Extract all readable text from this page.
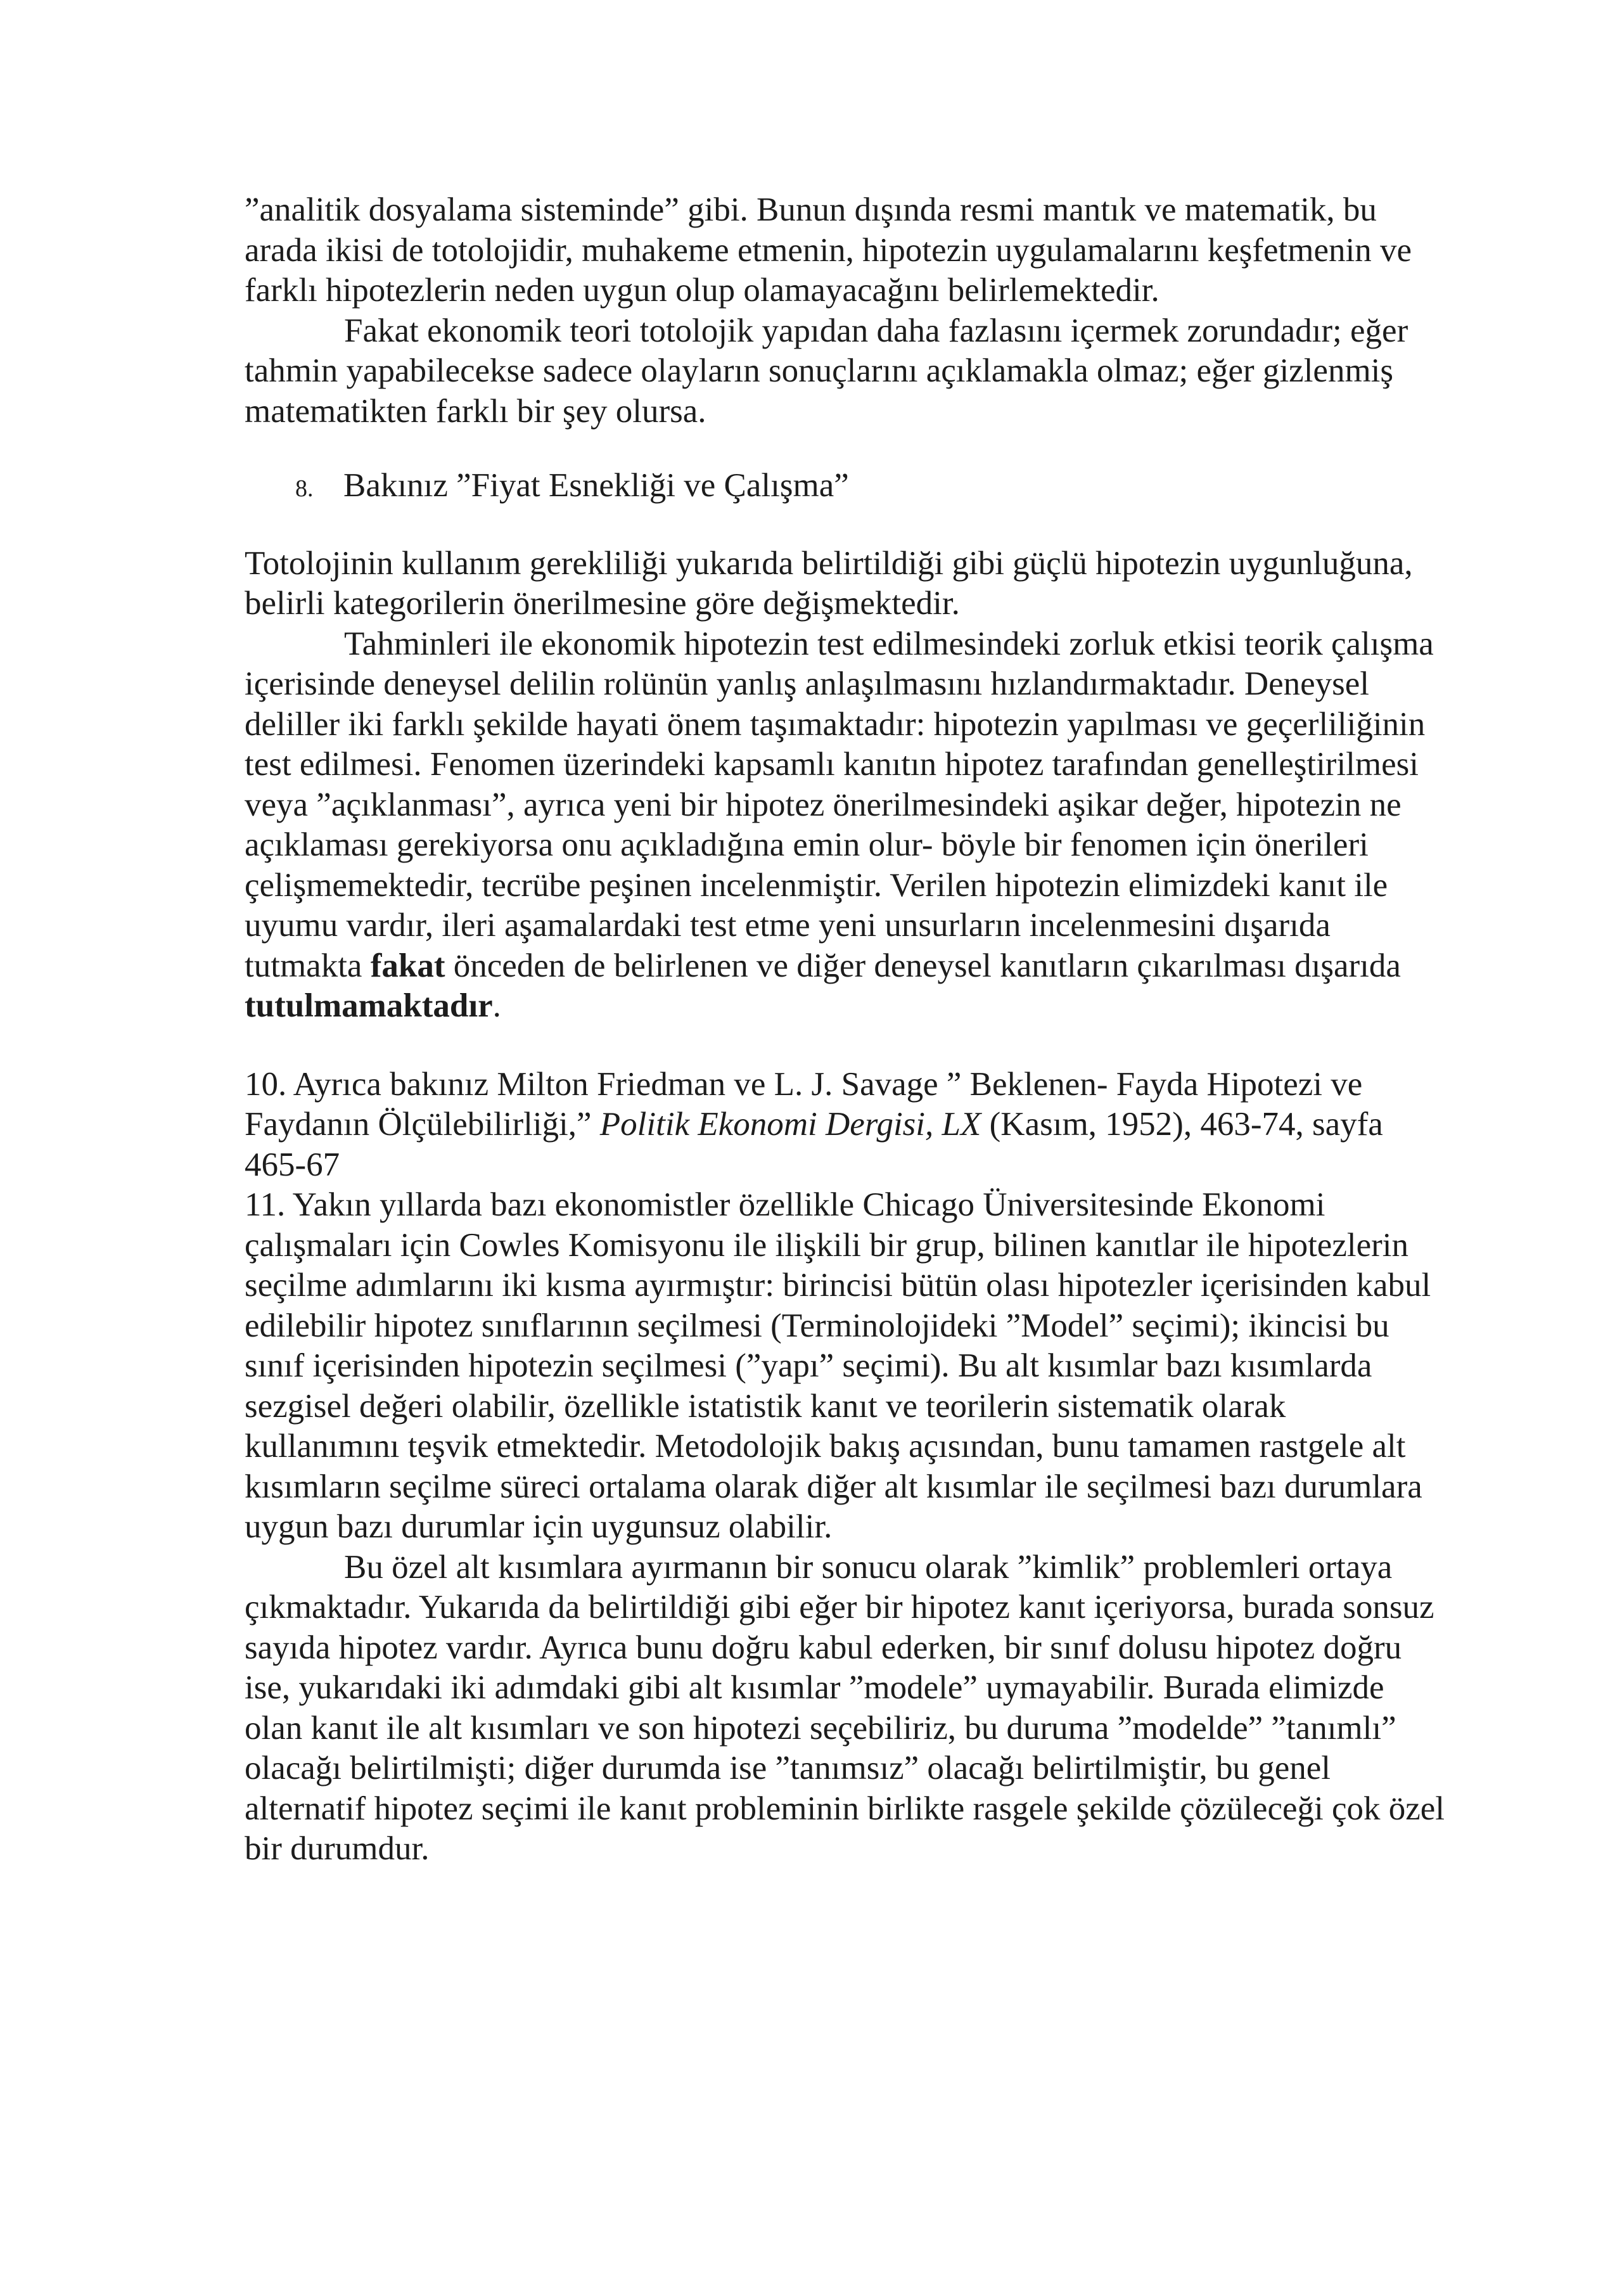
”analitik dosyalama sisteminde” gibi. Bunun dışında resmi mantık ve matematik, bu arada ikisi de totolojidir, muhakeme etmenin, hipotezin uygulamalarını keşfetmenin ve farklı hipotezlerin neden uygun olup olamayacağını belirlemektedir.

Fakat ekonomik teori totolojik yapıdan daha fazlasını içermek zorundadır; eğer tahmin yapabilecekse sadece olayların sonuçlarını açıklamakla olmaz; eğer gizlenmiş matematikten farklı bir şey olursa.

8. Bakınız ”Fiyat Esnekliği ve Çalışma”

Totolojinin kullanım gerekliliği yukarıda belirtildiği gibi güçlü hipotezin uygunluğuna, belirli kategorilerin önerilmesine göre değişmektedir.

Tahminleri ile ekonomik hipotezin test edilmesindeki zorluk etkisi teorik çalışma içerisinde deneysel delilin rolünün yanlış anlaşılmasını hızlandırmaktadır. Deneysel deliller iki farklı şekilde hayati önem taşımaktadır: hipotezin yapılması ve geçerliliğinin test edilmesi. Fenomen üzerindeki kapsamlı kanıtın hipotez tarafından genelleştirilmesi veya ”açıklanması”, ayrıca yeni bir hipotez önerilmesindeki aşikar değer, hipotezin ne açıklaması gerekiyorsa onu açıkladığına emin olur- böyle bir fenomen için önerileri çelişmemektedir, tecrübe peşinen incelenmiştir. Verilen hipotezin elimizdeki kanıt ile uyumu vardır, ileri aşamalardaki test etme yeni unsurların incelenmesini dışarıda tutmakta fakat önceden de belirlenen ve diğer deneysel kanıtların çıkarılması dışarıda tutulmamaktadır.

10. Ayrıca bakınız Milton Friedman ve L. J. Savage ” Beklenen- Fayda Hipotezi ve Faydanın Ölçülebilirliği,” Politik Ekonomi Dergisi, LX (Kasım, 1952), 463-74, sayfa 465-67

11. Yakın yıllarda bazı ekonomistler özellikle Chicago Üniversitesinde Ekonomi çalışmaları için Cowles Komisyonu ile ilişkili bir grup, bilinen kanıtlar ile hipotezlerin seçilme adımlarını iki kısma ayırmıştır: birincisi bütün olası hipotezler içerisinden kabul edilebilir hipotez sınıflarının seçilmesi (Terminolojideki ”Model” seçimi); ikincisi bu sınıf içerisinden hipotezin seçilmesi (”yapı” seçimi). Bu alt kısımlar bazı kısımlarda sezgisel değeri olabilir, özellikle istatistik kanıt ve teorilerin sistematik olarak kullanımını teşvik etmektedir. Metodolojik bakış açısından, bunu tamamen rastgele alt kısımların seçilme süreci ortalama olarak diğer alt kısımlar ile seçilmesi bazı durumlara uygun bazı durumlar için uygunsuz olabilir.

Bu özel alt kısımlara ayırmanın bir sonucu olarak ”kimlik” problemleri ortaya çıkmaktadır. Yukarıda da belirtildiği gibi eğer bir hipotez kanıt içeriyorsa, burada sonsuz sayıda hipotez vardır. Ayrıca bunu doğru kabul ederken, bir sınıf dolusu hipotez doğru ise, yukarıdaki iki adımdaki gibi alt kısımlar ”modele” uymayabilir. Burada elimizde olan kanıt ile alt kısımları ve son hipotezi seçebiliriz, bu duruma ”modelde” ”tanımlı” olacağı belirtilmişti; diğer durumda ise ”tanımsız” olacağı belirtilmiştir, bu genel alternatif hipotez seçimi ile kanıt probleminin birlikte rasgele şekilde çözüleceği çok özel bir durumdur.
